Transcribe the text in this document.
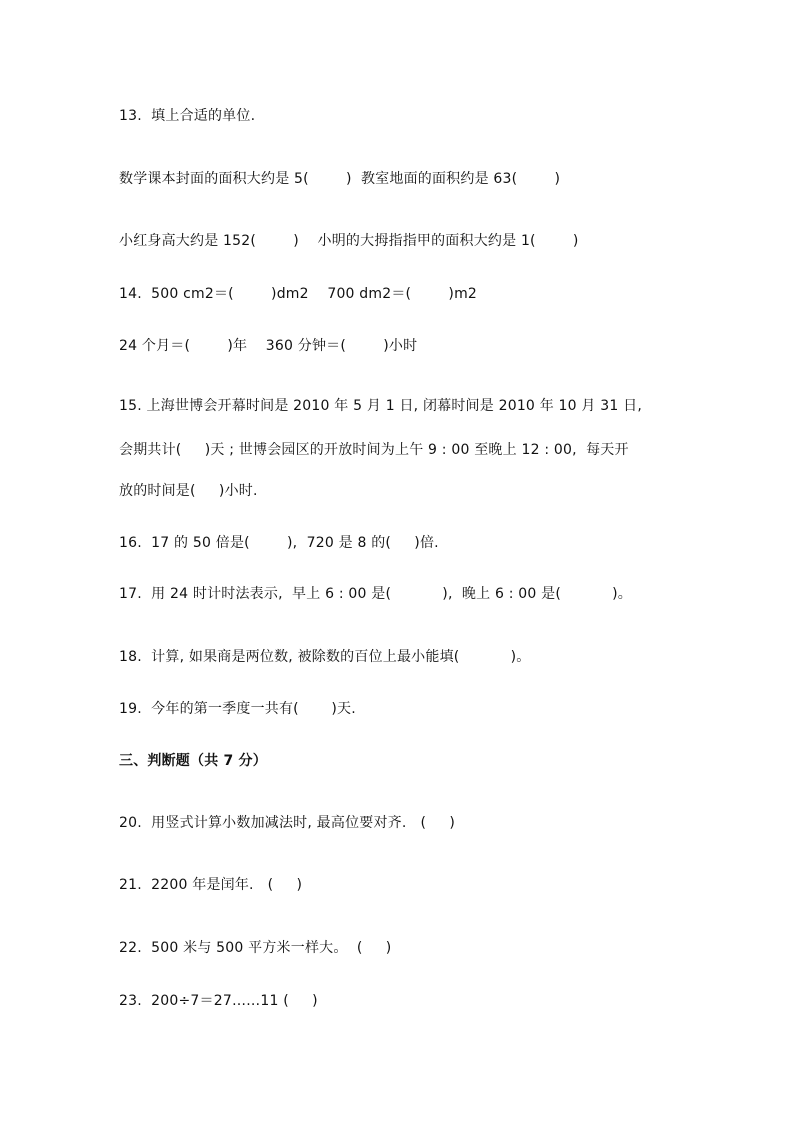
13.  填上合适的单位.
数学课本封面的面积大约是 5(        )  教室地面的面积约是 63(        )
小红身高大约是 152(        )    小明的大拇指指甲的面积大约是 1(        )
14.  500 cm2＝(        )dm2    700 dm2＝(        )m2
24 个月＝(        )年    360 分钟＝(        )小时
15. 上海世博会开幕时间是 2010 年 5 月 1 日, 闭幕时间是 2010 年 10 月 31 日,
会期共计(     )天 ; 世博会园区的开放时间为上午 9 : 00 至晚上 12 : 00,  每天开
放的时间是(     )小时.
16.  17 的 50 倍是(        ),  720 是 8 的(     )倍.
17.  用 24 时计时法表示,  早上 6 : 00 是(           ),  晚上 6 : 00 是(           )。
18.  计算, 如果商是两位数, 被除数的百位上最小能填(           )。
19.  今年的第一季度一共有(       )天.
三、判断题（共 7 分）
20.  用竖式计算小数加减法时, 最高位要对齐.   (     )
21.  2200 年是闰年.   (     )
22.  500 米与 500 平方米一样大。  (     )
23.  200÷7＝27……11 (     )
